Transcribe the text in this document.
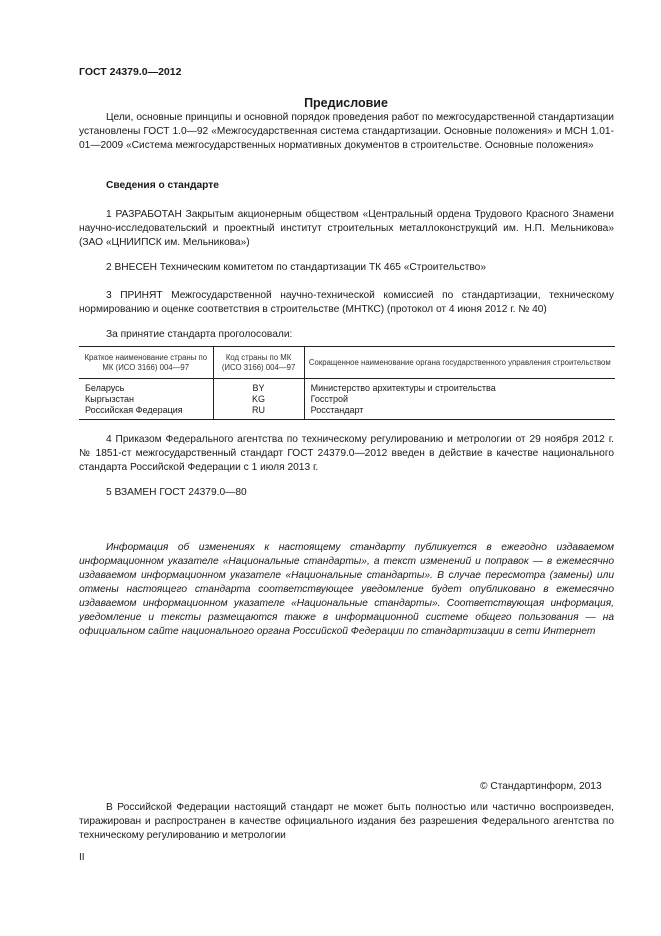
ГОСТ 24379.0—2012
Предисловие
Цели, основные принципы и основной порядок проведения работ по межгосударственной стандартизации установлены ГОСТ 1.0—92 «Межгосударственная система стандартизации. Основные положения» и МСН 1.01-01—2009 «Система межгосударственных нормативных документов в строительстве. Основные положения»
Сведения о стандарте
1 РАЗРАБОТАН Закрытым акционерным обществом «Центральный ордена Трудового Красного Знамени научно-исследовательский и проектный институт строительных металлоконструкций им. Н.П. Мельникова» (ЗАО «ЦНИИПСК им. Мельникова»)
2 ВНЕСЕН Техническим комитетом по стандартизации ТК 465 «Строительство»
3 ПРИНЯТ Межгосударственной научно-технической комиссией по стандартизации, техническому нормированию и оценке соответствия в строительстве (МНТКС) (протокол от 4 июня 2012 г. № 40)
За принятие стандарта проголосовали:
Краткое наименование страны по МК (ИСО 3166) 004—97	Код страны по МК (ИСО 3166) 004—97	Сокращенное наименование органа государственного управления строительством
Беларусь	BY	Министерство архитектуры и строительства
Кыргызстан	KG	Госстрой
Российская Федерация	RU	Росстандарт
4 Приказом Федерального агентства по техническому регулированию и метрологии от 29 ноября 2012 г. № 1851-ст межгосударственный стандарт ГОСТ 24379.0—2012 введен в действие в качестве национального стандарта Российской Федерации с 1 июля 2013 г.
5 ВЗАМЕН ГОСТ 24379.0—80
Информация об изменениях к настоящему стандарту публикуется в ежегодно издаваемом информационном указателе «Национальные стандарты», а текст изменений и поправок — в ежемесячно издаваемом информационном указателе «Национальные стандарты». В случае пересмотра (замены) или отмены настоящего стандарта соответствующее уведомление будет опубликовано в ежемесячно издаваемом информационном указателе «Национальные стандарты». Соответствующая информация, уведомление и тексты размещаются также в информационной системе общего пользования — на официальном сайте национального органа Российской Федерации по стандартизации в сети Интернет
© Стандартинформ, 2013
В Российской Федерации настоящий стандарт не может быть полностью или частично воспроизведен, тиражирован и распространен в качестве официального издания без разрешения Федерального агентства по техническому регулированию и метрологии
II
